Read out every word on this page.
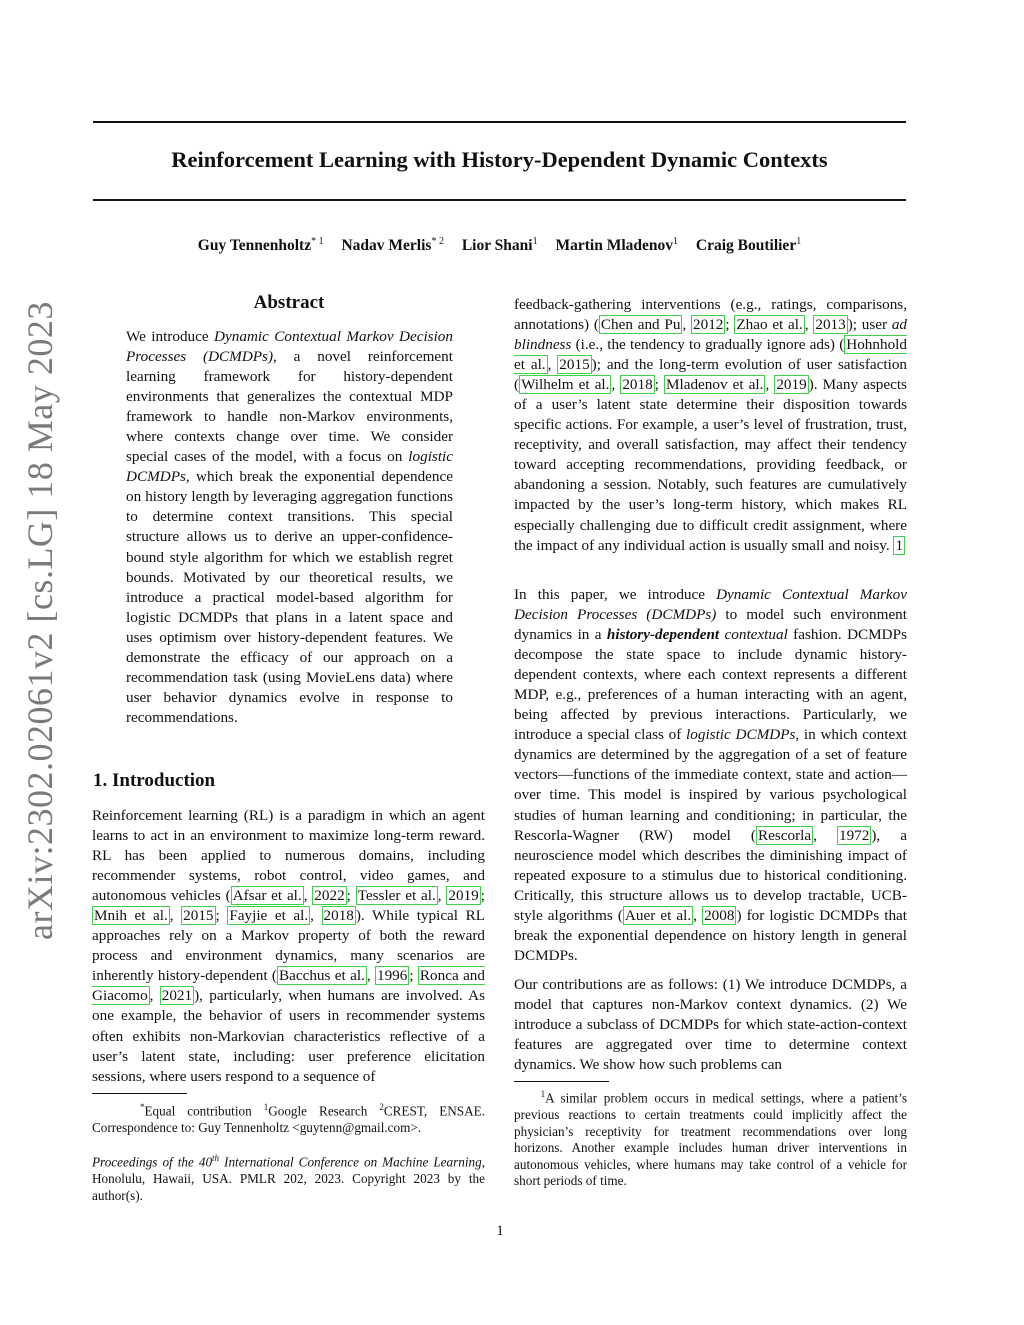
arXiv:2302.02061v2 [cs.LG] 18 May 2023
Reinforcement Learning with History-Dependent Dynamic Contexts
Guy Tennenholtz$^{* 1}$ Nadav Merlis$^{* 2}$ Lior Shani$^1$ Martin Mladenov$^1$ Craig Boutilier$^1$
Abstract

We introduce Dynamic Contextual Markov Decision Processes (DCMDPs), a novel reinforcement learning framework for history-dependent environments that generalizes the contextual MDP framework to handle non-Markov environments, where contexts change over time. We consider special cases of the model, with a focus on logistic DCMDPs, which break the exponential dependence on history length by leveraging aggregation functions to determine context transitions. This special structure allows us to derive an upper-confidence-bound style algorithm for which we establish regret bounds. Motivated by our theoretical results, we introduce a practical model-based algorithm for logistic DCMDPs that plans in a latent space and uses optimism over history-dependent features. We demonstrate the efficacy of our approach on a recommendation task (using MovieLens data) where user behavior dynamics evolve in response to recommendations.

1. Introduction

Reinforcement learning (RL) is a paradigm in which an agent learns to act in an environment to maximize long-term reward. RL has been applied to numerous domains, including recommender systems, robot control, video games, and autonomous vehicles ( Afsar et al. , 2022 ; Tessler et al. , 2019 ; Mnih et al. , 2015 ; Fayjie et al. , 2018 ). While typical RL approaches rely on a Markov property of both the reward process and environment dynamics, many scenarios are inherently history-dependent ( Bacchus et al. , 1996 ; Ronca and Giacomo , 2021 ), particularly, when humans are involved. As one example, the behavior of users in recommender systems often exhibits non-Markovian characteristics reflective of a user’s latent state, including: user preference elicitation sessions, where users respond to a sequence of

feedback-gathering interventions (e.g., ratings, comparisons, annotations) ( Chen and Pu , 2012 ; Zhao et al. , 2013 ); user ad blindness (i.e., the tendency to gradually ignore ads) ( Hohnhold et al. , 2015 ); and the long-term evolution of user satisfaction ( Wilhelm et al. , 2018 ; Mladenov et al. , 2019 ). Many aspects of a user’s latent state determine their disposition towards specific actions. For example, a user’s level of frustration, trust, receptivity, and overall satisfaction, may affect their tendency toward accepting recommendations, providing feedback, or abandoning a session. Notably, such features are cumulatively impacted by the user’s long-term history, which makes RL especially challenging due to difficult credit assignment, where the impact of any individual action is usually small and noisy. 1

In this paper, we introduce Dynamic Contextual Markov Decision Processes (DCMDPs) to model such environment dynamics in a history-dependent contextual fashion. DCMDPs decompose the state space to include dynamic history-dependent contexts, where each context represents a different MDP, e.g., preferences of a human interacting with an agent, being affected by previous interactions. Particularly, we introduce a special class of logistic DCMDPs, in which context dynamics are determined by the aggregation of a set of feature vectors—functions of the immediate context, state and action—over time. This model is inspired by various psychological studies of human learning and conditioning; in particular, the Rescorla-Wagner (RW) model ( Rescorla , 1972 ), a neuroscience model which describes the diminishing impact of repeated exposure to a stimulus due to historical conditioning. Critically, this structure allows us to develop tractable, UCB-style algorithms ( Auer et al. , 2008 ) for logistic DCMDPs that break the exponential dependence on history length in general DCMDPs.

Our contributions are as follows: (1) We introduce DCMDPs, a model that captures non-Markov context dynamics. (2) We introduce a subclass of DCMDPs for which state-action-context features are aggregated over time to determine context dynamics. We show how such problems can

*Equal contribution $^1$Google Research $^2$CREST, ENSAE. Correspondence to: Guy Tennenholtz <guytenn@gmail.com>.

Proceedings of the 40th International Conference on Machine Learning, Honolulu, Hawaii, USA. PMLR 202, 2023. Copyright 2023 by the author(s).

$^1$A similar problem occurs in medical settings, where a patient’s previous reactions to certain treatments could implicitly affect the physician’s receptivity for treatment recommendations over long horizons. Another example includes human driver interventions in autonomous vehicles, where humans may take control of a vehicle for short periods of time.

1
